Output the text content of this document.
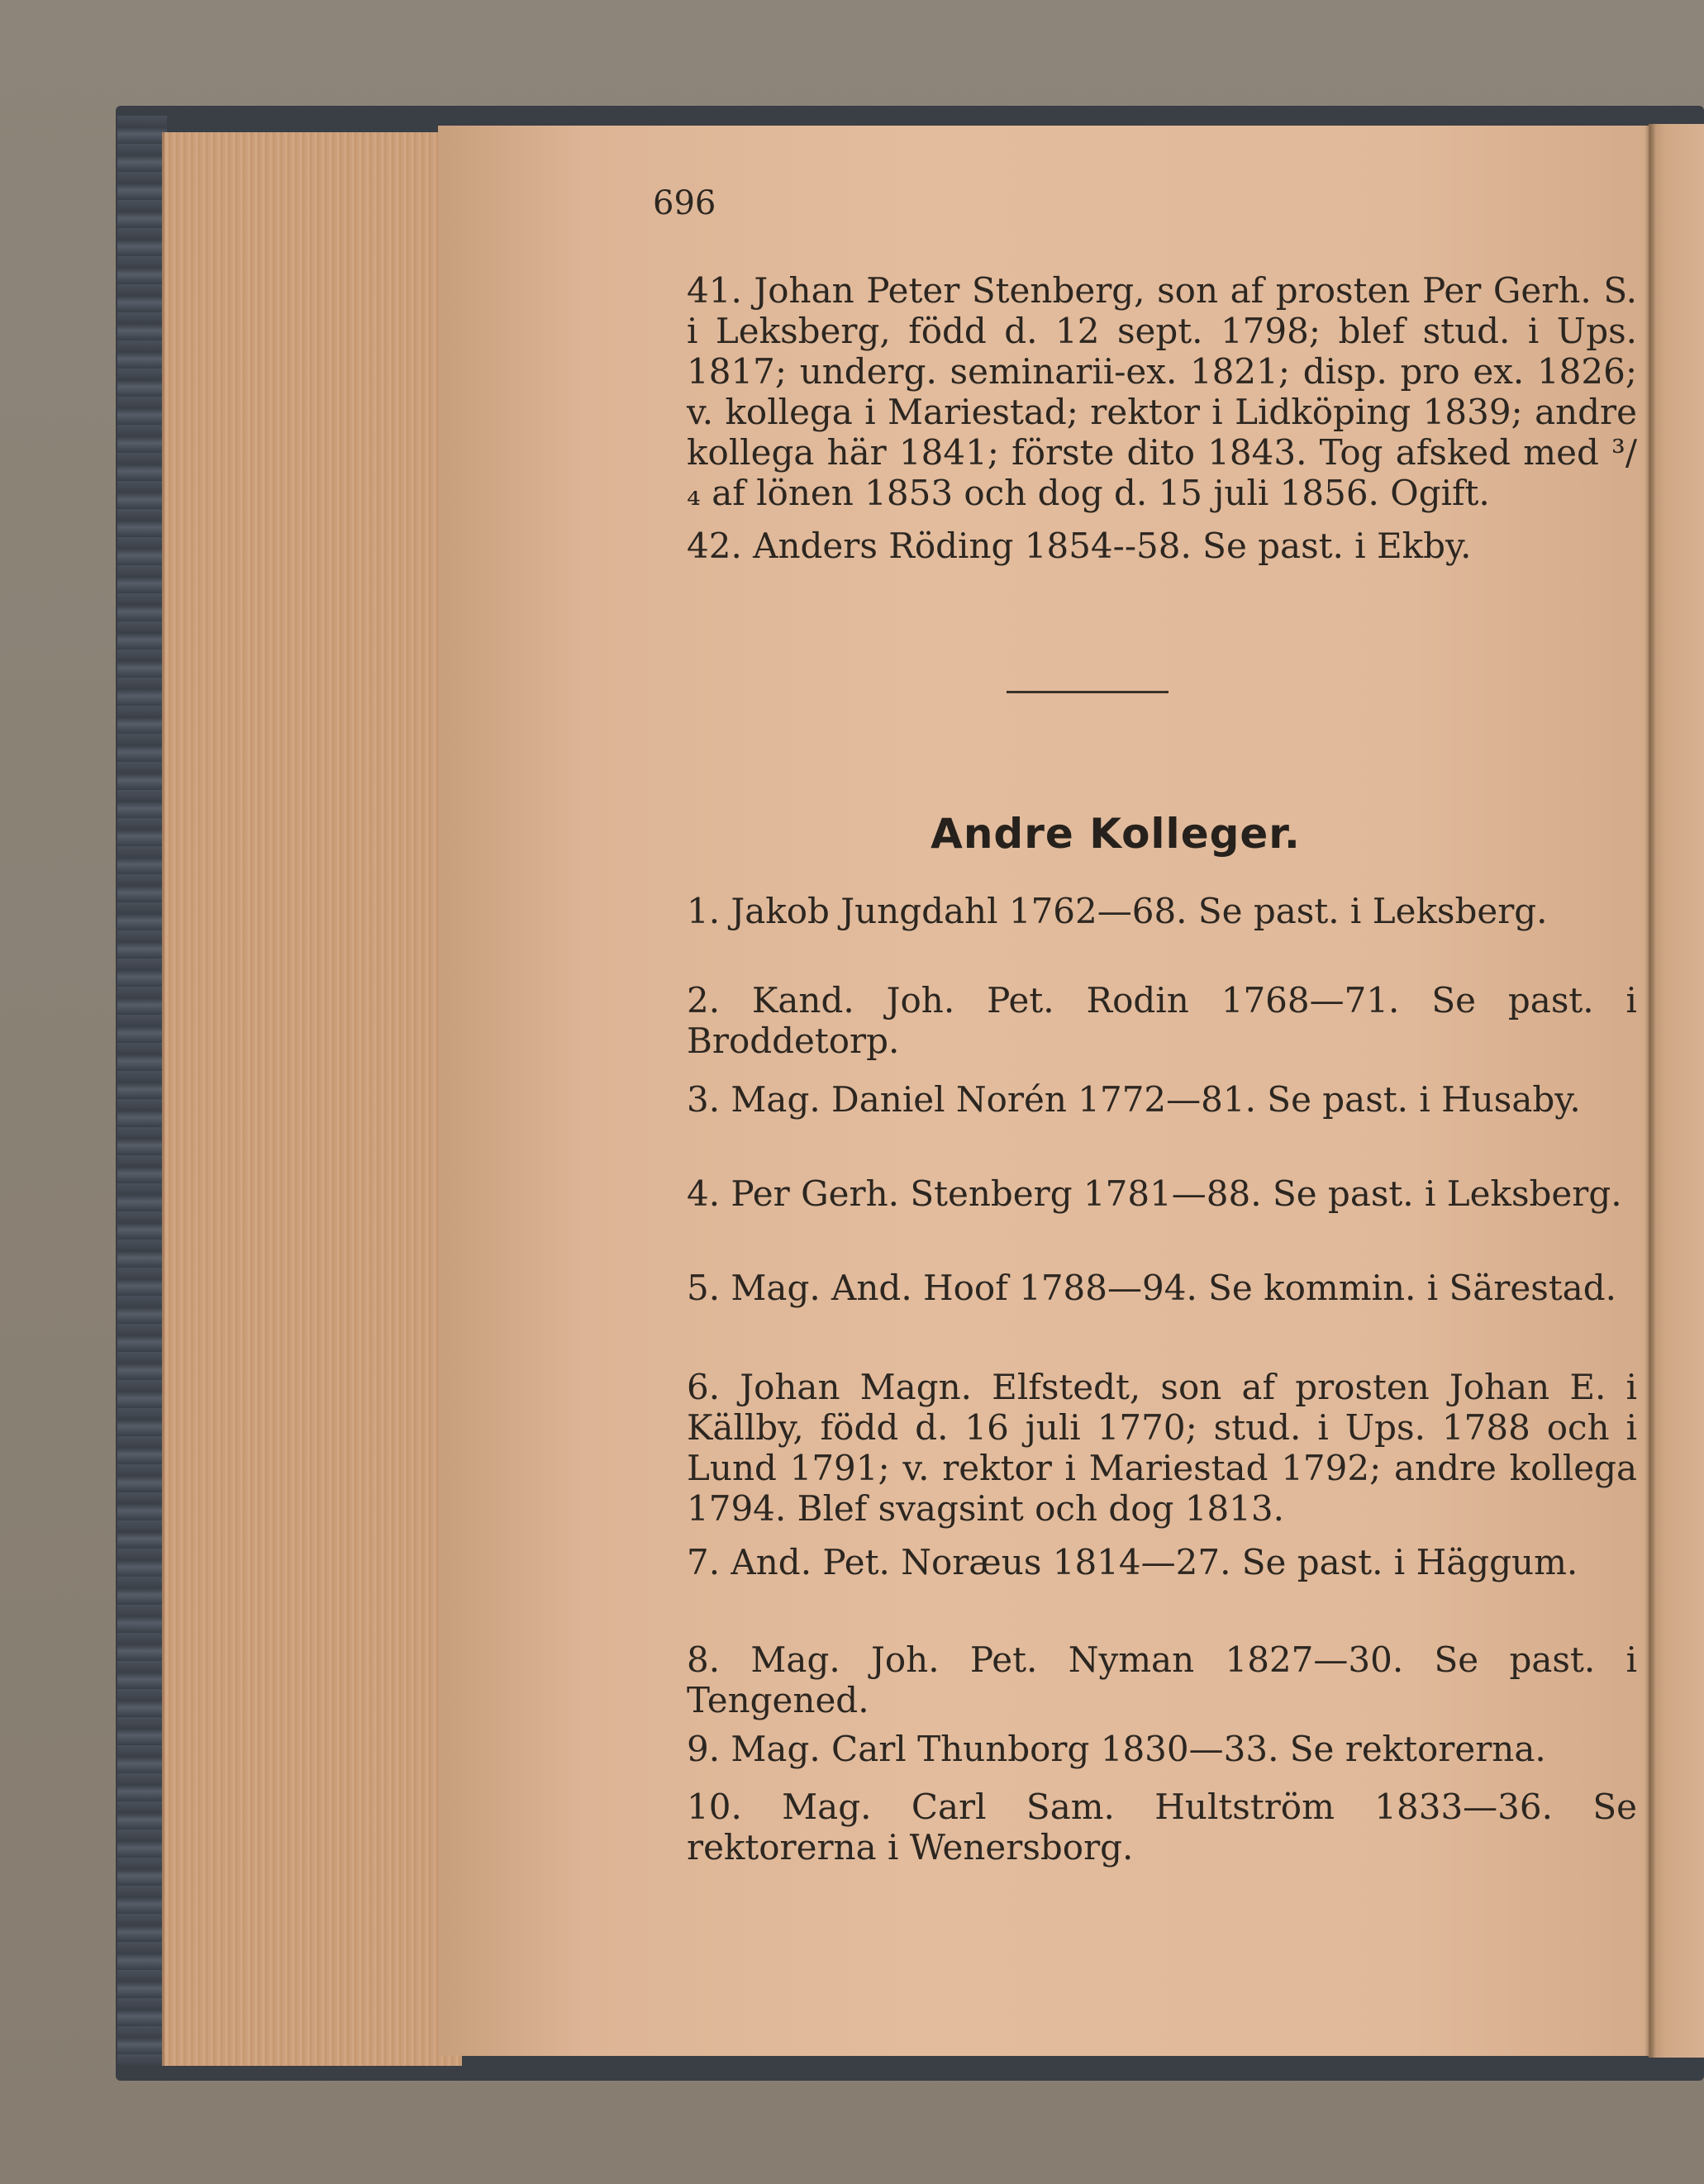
696
41. Johan Peter Stenberg, son af prosten Per Gerh. S. i Leksberg, född d. 12 sept. 1798; blef stud. i Ups. 1817; underg. seminarii-ex. 1821; disp. pro ex. 1826; v. kollega i Mariestad; rektor i Lidköping 1839; andre kollega här 1841; förste dito 1843. Tog afsked med ³/₄ af lönen 1853 och dog d. 15 juli 1856. Ogift.
42. Anders Röding 1854--58. Se past. i Ekby.
Andre Kolleger.
1. Jakob Jungdahl 1762—68. Se past. i Leksberg.
2. Kand. Joh. Pet. Rodin 1768—71. Se past. i Broddetorp.
3. Mag. Daniel Norén 1772—81. Se past. i Husaby.
4. Per Gerh. Stenberg 1781—88. Se past. i Leksberg.
5. Mag. And. Hoof 1788—94. Se kommin. i Särestad.
6. Johan Magn. Elfstedt, son af prosten Johan E. i Källby, född d. 16 juli 1770; stud. i Ups. 1788 och i Lund 1791; v. rektor i Mariestad 1792; andre kollega 1794. Blef svagsint och dog 1813.
7. And. Pet. Noræus 1814—27. Se past. i Häggum.
8. Mag. Joh. Pet. Nyman 1827—30. Se past. i Tengened.
9. Mag. Carl Thunborg 1830—33. Se rektorerna.
10. Mag. Carl Sam. Hultström 1833—36. Se rektorerna i Wenersborg.
